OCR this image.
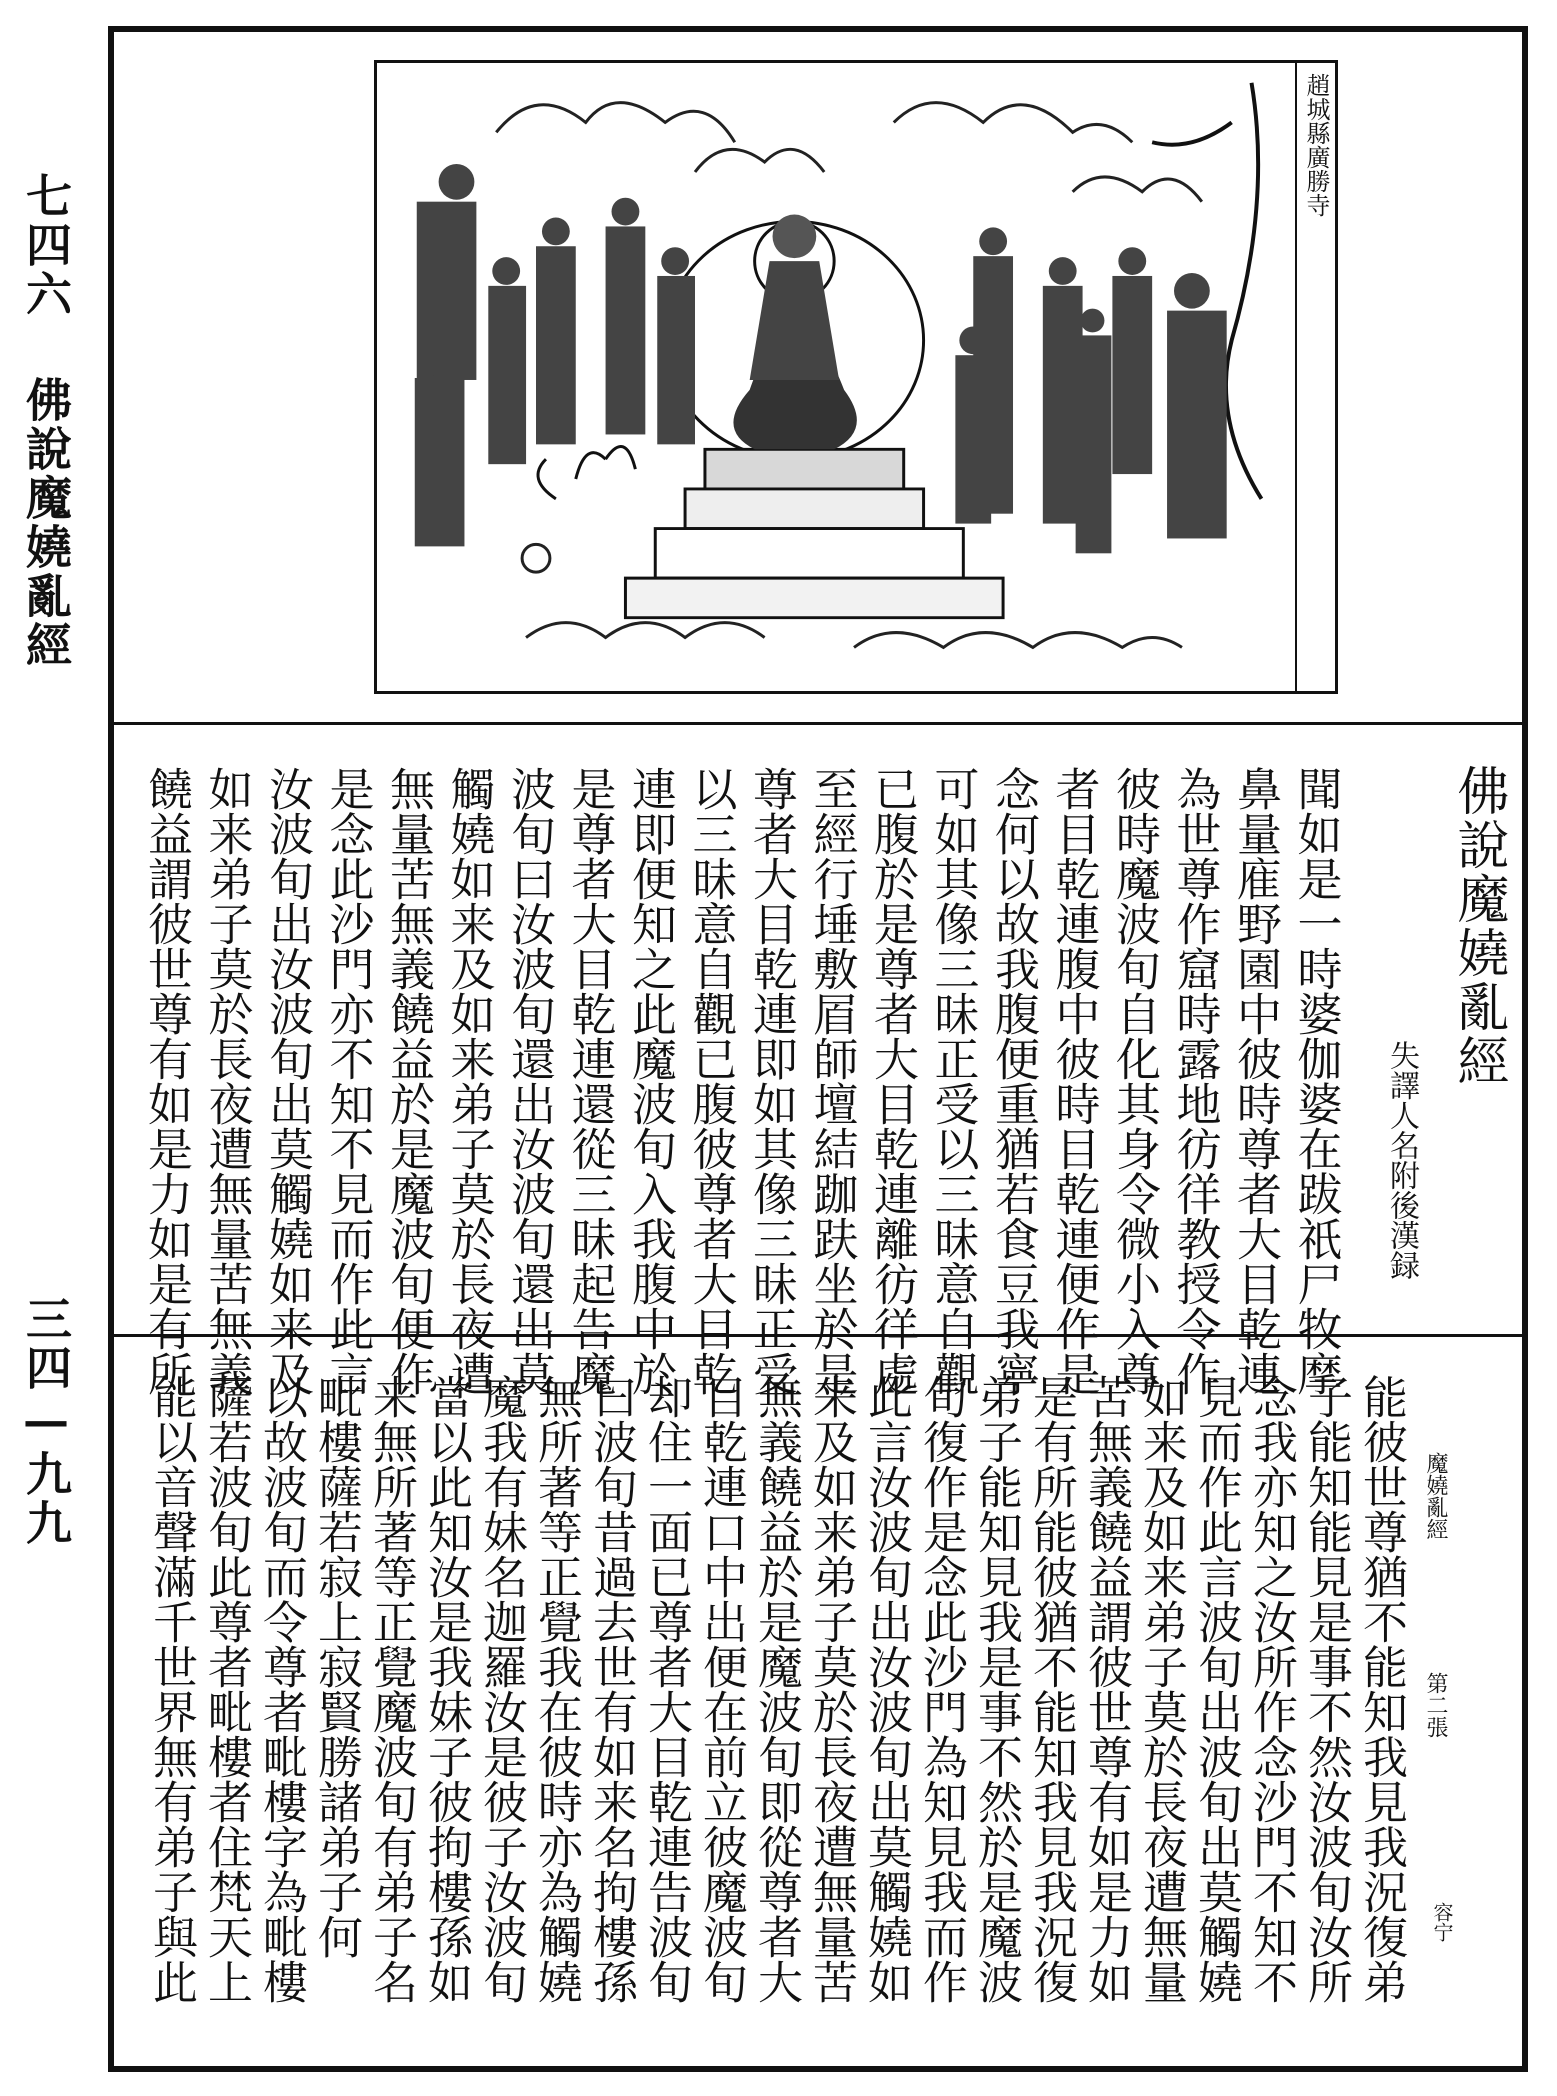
七四六 佛說魔嬈亂經
三四—九九
趙城縣廣勝寺
佛說魔嬈亂經
失譯人名附後漢録
聞如是一時婆伽婆在跋祇尸牧摩
鼻量㢈野園中彼時尊者大目乾連
為世尊作窟時露地彷徉教授令作
彼時魔波旬自化其身令微小入尊
者目乾連腹中彼時目乾連便作是
念何以故我腹便重猶若食豆我寧
可如其像三昧正受以三昧意自觀
已腹於是尊者大目乾連離彷徉處
至經行埵敷㞒師壇結跏趺坐於是
尊者大目乾連即如其像三昧正受
以三昧意自觀已腹彼尊者大目乾
連即便知之此魔波旬入我腹中於
是尊者大目乾連還從三昧起告魔
波旬曰汝波旬還出汝波旬還出莫
觸嬈如来及如来弟子莫於長夜遭
無量苦無義饒益於是魔波旬便作
是念此沙門亦不知不見而作此言
汝波旬出汝波旬出莫觸嬈如来及
如来弟子莫於長夜遭無量苦無義
饒益謂彼世尊有如是力如是有所
魔嬈亂經
第二張
容宁
能彼世尊猶不能知我見我況復弟
子能知能見是事不然汝波旬汝所
念我亦知之汝所作念沙門不知不
見而作此言波旬出波旬出莫觸嬈
如来及如来弟子莫於長夜遭無量
苦無義饒益謂彼世尊有如是力如
是有所能彼猶不能知我見我況復
弟子能知見我是事不然於是魔波
旬復作是念此沙門為知見我而作
此言汝波旬出汝波旬出莫觸嬈如
来及如来弟子莫於長夜遭無量苦
無義饒益於是魔波旬即從尊者大
目乾連口中出便在前立彼魔波旬
却住一面已尊者大目乾連告波旬
曰波旬昔過去世有如来名拘樓孫
無所著等正覺我在彼時亦為觸嬈
魔我有妹名迦羅汝是彼子汝波旬
當以此知汝是我妹子彼拘樓孫如
来無所著等正覺魔波旬有弟子名
毗樓薩若寂上寂賢勝諸弟子何
以故波旬而令尊者毗樓字為毗樓
薩若波旬此尊者毗樓者住梵天上
能以音聲滿千世界無有弟子與此
